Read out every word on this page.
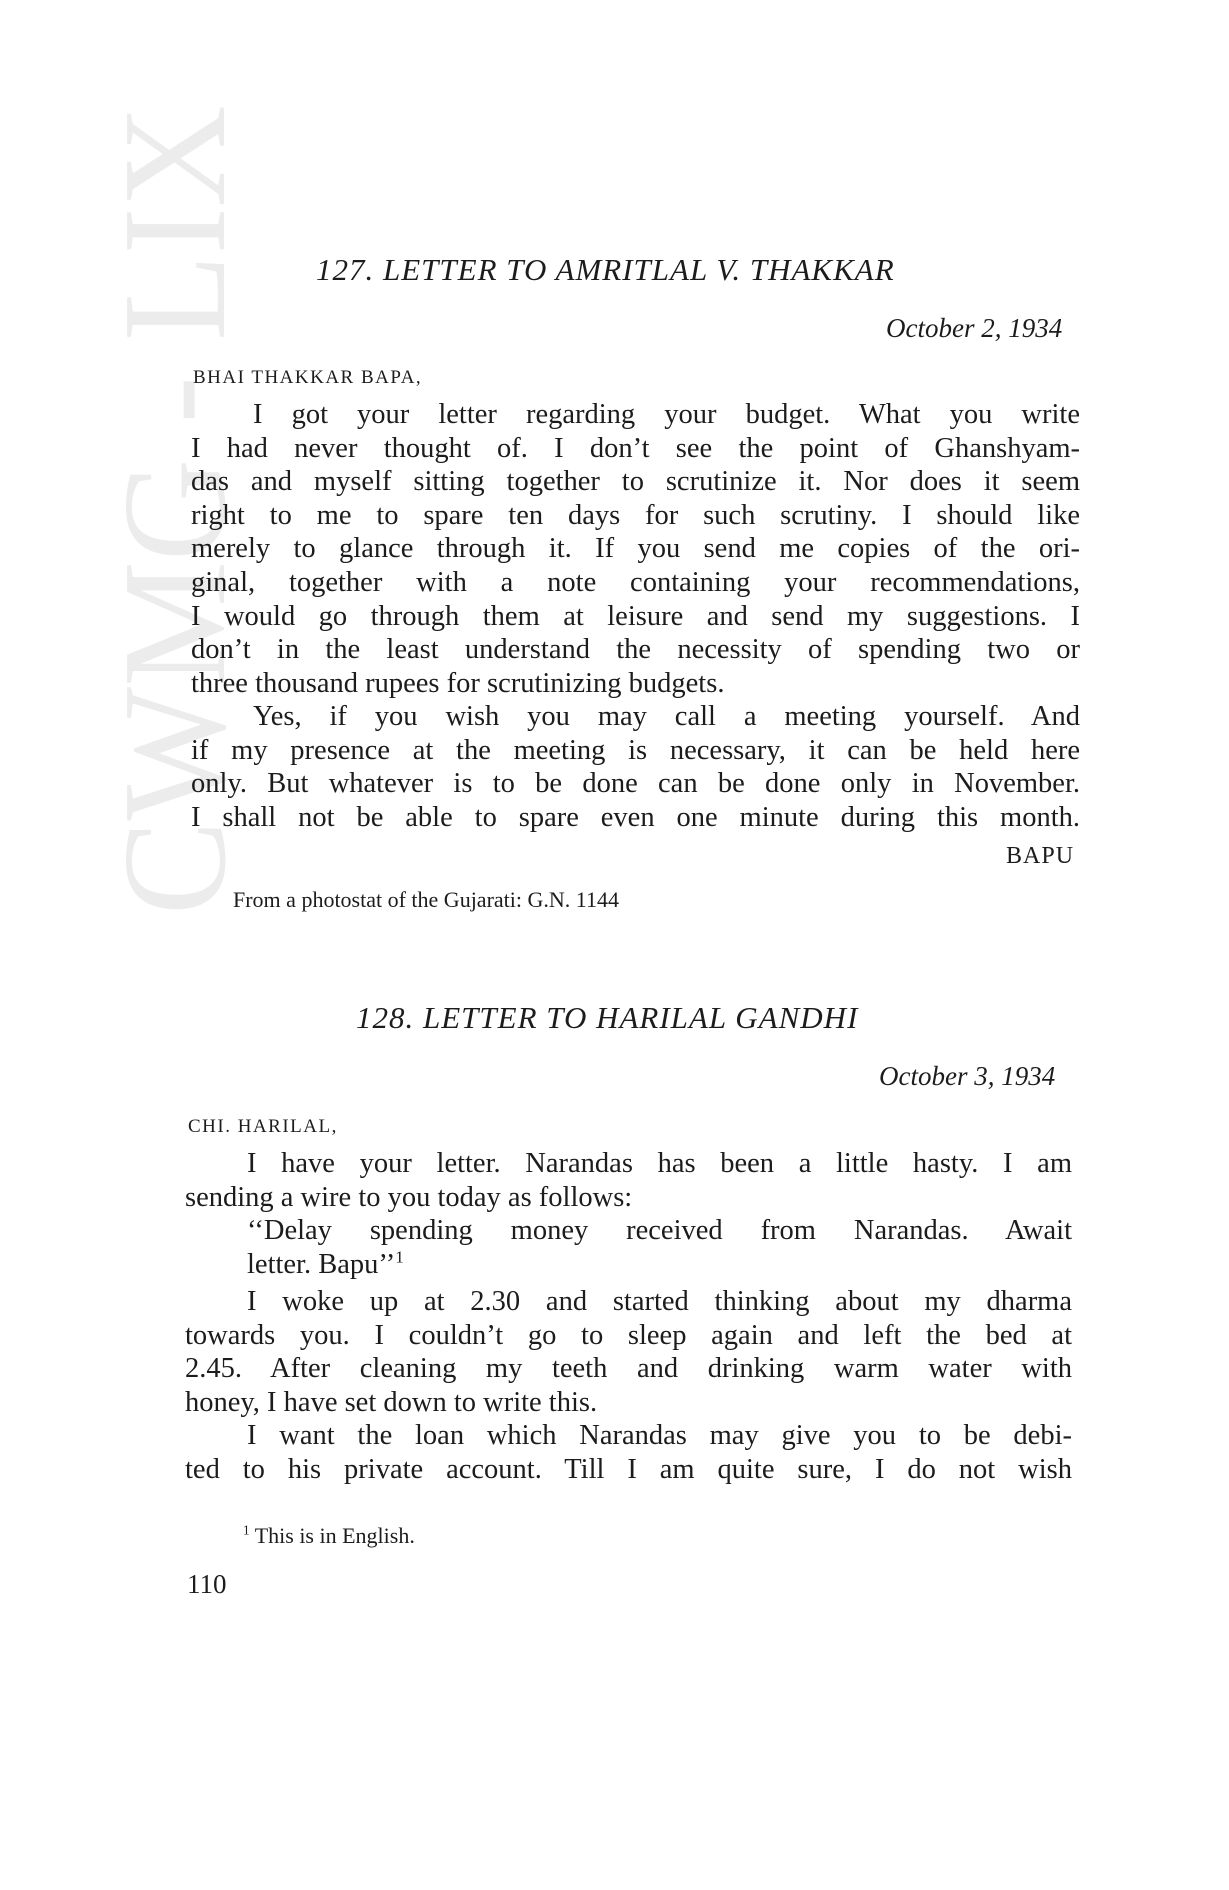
CWMG - LIX 127. LETTER TO AMRITLAL V. THAKKAR
October 2, 1934
BHAI THAKKAR BAPA,
I got your letter regarding your budget. What you write
I had never thought of. I don’t see the point of Ghanshyam-
das and myself sitting together to scrutinize it. Nor does it seem
right to me to spare ten days for such scrutiny. I should like
merely to glance through it. If you send me copies of the ori-
ginal, together with a note containing your recommendations,
I would go through them at leisure and send my suggestions. I
don’t in the least understand the necessity of spending two or
three thousand rupees for scrutinizing budgets.
Yes, if you wish you may call a meeting yourself. And
if my presence at the meeting is necessary, it can be held here
only. But whatever is to be done can be done only in November.
I shall not be able to spare even one minute during this month.
BAPU
From a photostat of the Gujarati: G.N. 1144
128. LETTER TO HARILAL GANDHI
October 3, 1934
CHI. HARILAL,
I have your letter. Narandas has been a little hasty. I am
sending a wire to you today as follows:
‘‘Delay spending money received from Narandas. Await
letter. Bapu’’$^1$
I woke up at 2.30 and started thinking about my dharma
towards you. I couldn’t go to sleep again and left the bed at
2.45. After cleaning my teeth and drinking warm water with
honey, I have set down to write this.
I want the loan which Narandas may give you to be debi-
ted to his private account. Till I am quite sure, I do not wish
$^1$ This is in English.
110
